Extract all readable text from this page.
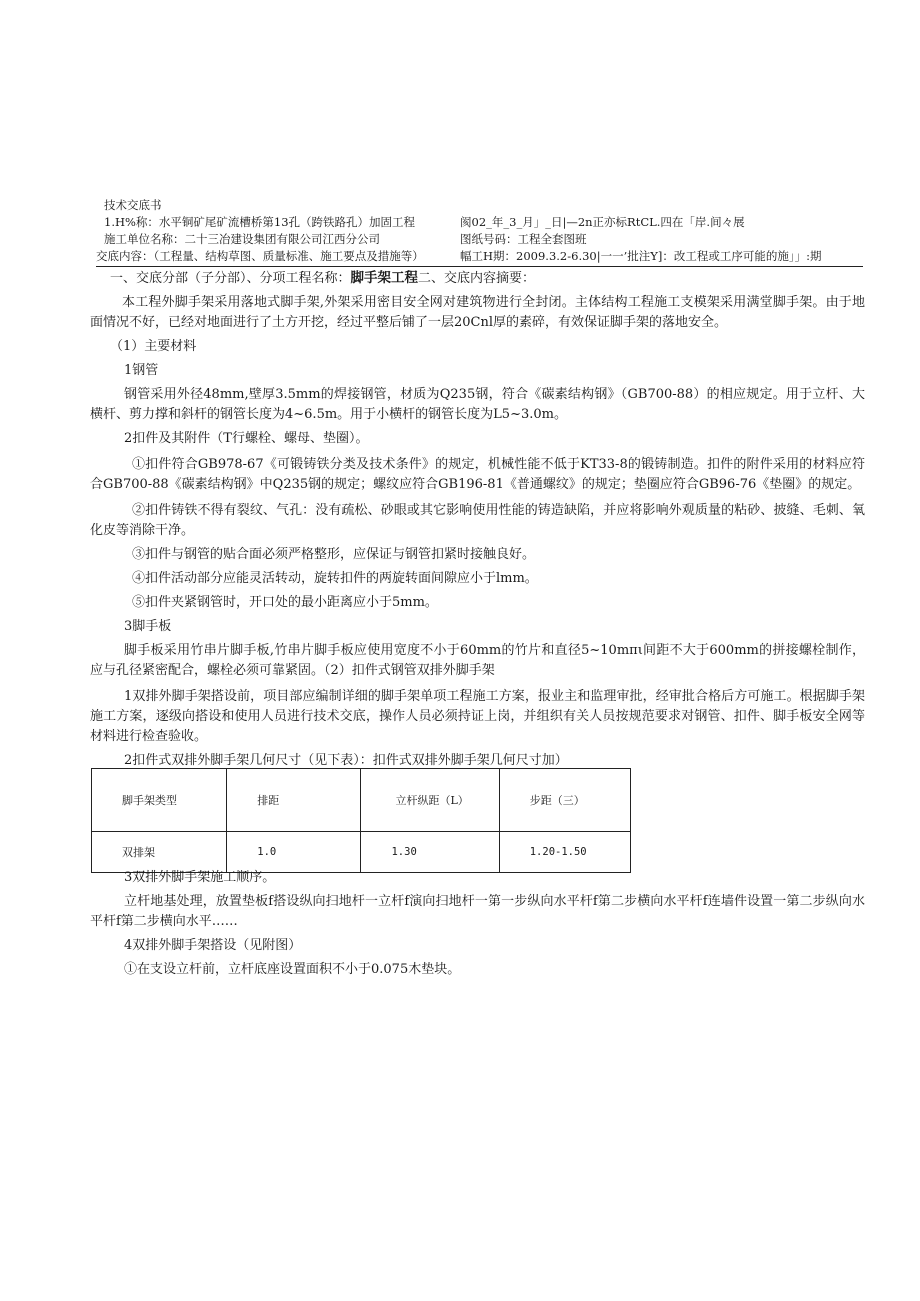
技术交底书
1.H%称：水平铜矿尾矿流槽桥第13孔（跨铁路孔）加固工程	阂02_年_3_月」_日|—2n正亦标RtCL.四在「岸.间々展
施工单位名称：二十三冶建设集团有限公司江西分公司	图纸号码：工程全套图班
交底内容：（工程量、结构草图、质量标准、施工要点及措施等）	幅工H期：2009.3.2-6.30|一一’批注Y]：改工程或工序可能的施」」:期

一、交底分部（子分部）、分项工程名称：脚手架工程二、交底内容摘要：

本工程外脚手架采用落地式脚手架,外架采用密目安全网对建筑物进行全封闭。主体结构工程施工支模架采用满堂脚手架。由于地面情况不好，已经对地面进行了土方开挖，经过平整后铺了一层20Cnl厚的素碎，有效保证脚手架的落地安全。

（1）主要材料

1钢管

钢管采用外径48mm,壁厚3.5mm的焊接钢管，材质为Q235钢，符合《碳素结构钢》（GB700-88）的相应规定。用于立杆、大横杆、剪力撑和斜杆的钢管长度为4~6.5m。用于小横杆的钢管长度为L5~3.0m。

2扣件及其附件（T行螺栓、螺母、垫圈）。

①扣件符合GB978-67《可锻铸铁分类及技术条件》的规定，机械性能不低于KT33-8的锻铸制造。扣件的附件采用的材料应符合GB700-88《碳素结构钢》中Q235钢的规定；螺纹应符合GB196-81《普通螺纹》的规定；垫圈应符合GB96-76《垫圈》的规定。

②扣件铸铁不得有裂纹、气孔：没有疏松、砂眼或其它影响使用性能的铸造缺陷，并应将影响外观质量的粘砂、披缝、毛刺、氧化皮等消除干净。

③扣件与钢管的贴合面必须严格整形，应保证与钢管扣紧时接触良好。

④扣件活动部分应能灵活转动，旋转扣件的两旋转面间隙应小于lmm。

⑤扣件夹紧钢管时，开口处的最小距离应小于5mm。

3脚手板

脚手板采用竹串片脚手板,竹串片脚手板应使用宽度不小于60mm的竹片和直径5~10mπι间距不大于600mm的拼接螺栓制作，应与孔径紧密配合，螺栓必须可靠紧固。（2）扣件式钢管双排外脚手架

1双排外脚手架搭设前，项目部应编制详细的脚手架单项工程施工方案，报业主和监理审批，经审批合格后方可施工。根据脚手架施工方案，逐级向搭设和使用人员进行技术交底，操作人员必须持证上岗，并组织有关人员按规范要求对钢管、扣件、脚手板安全网等材料进行检查验收。

2扣件式双排外脚手架几何尺寸（见下表）：扣件式双排外脚手架几何尺寸加）

脚手架类型	排距	立杆纵距（L）	步距（三）
双排架	1.0	1.30	1.20-1.50

3双排外脚手架施工顺序。

立杆地基处理，放置垫板f搭设纵向扫地杆一立杆f演向扫地杆一第一步纵向水平杆f第二步横向水平杆f连墙件设置一第二步纵向水平杆f第二步横向水平……

4双排外脚手架搭设（见附图）

①在支设立杆前，立杆底座设置面积不小于0.075木垫块。
